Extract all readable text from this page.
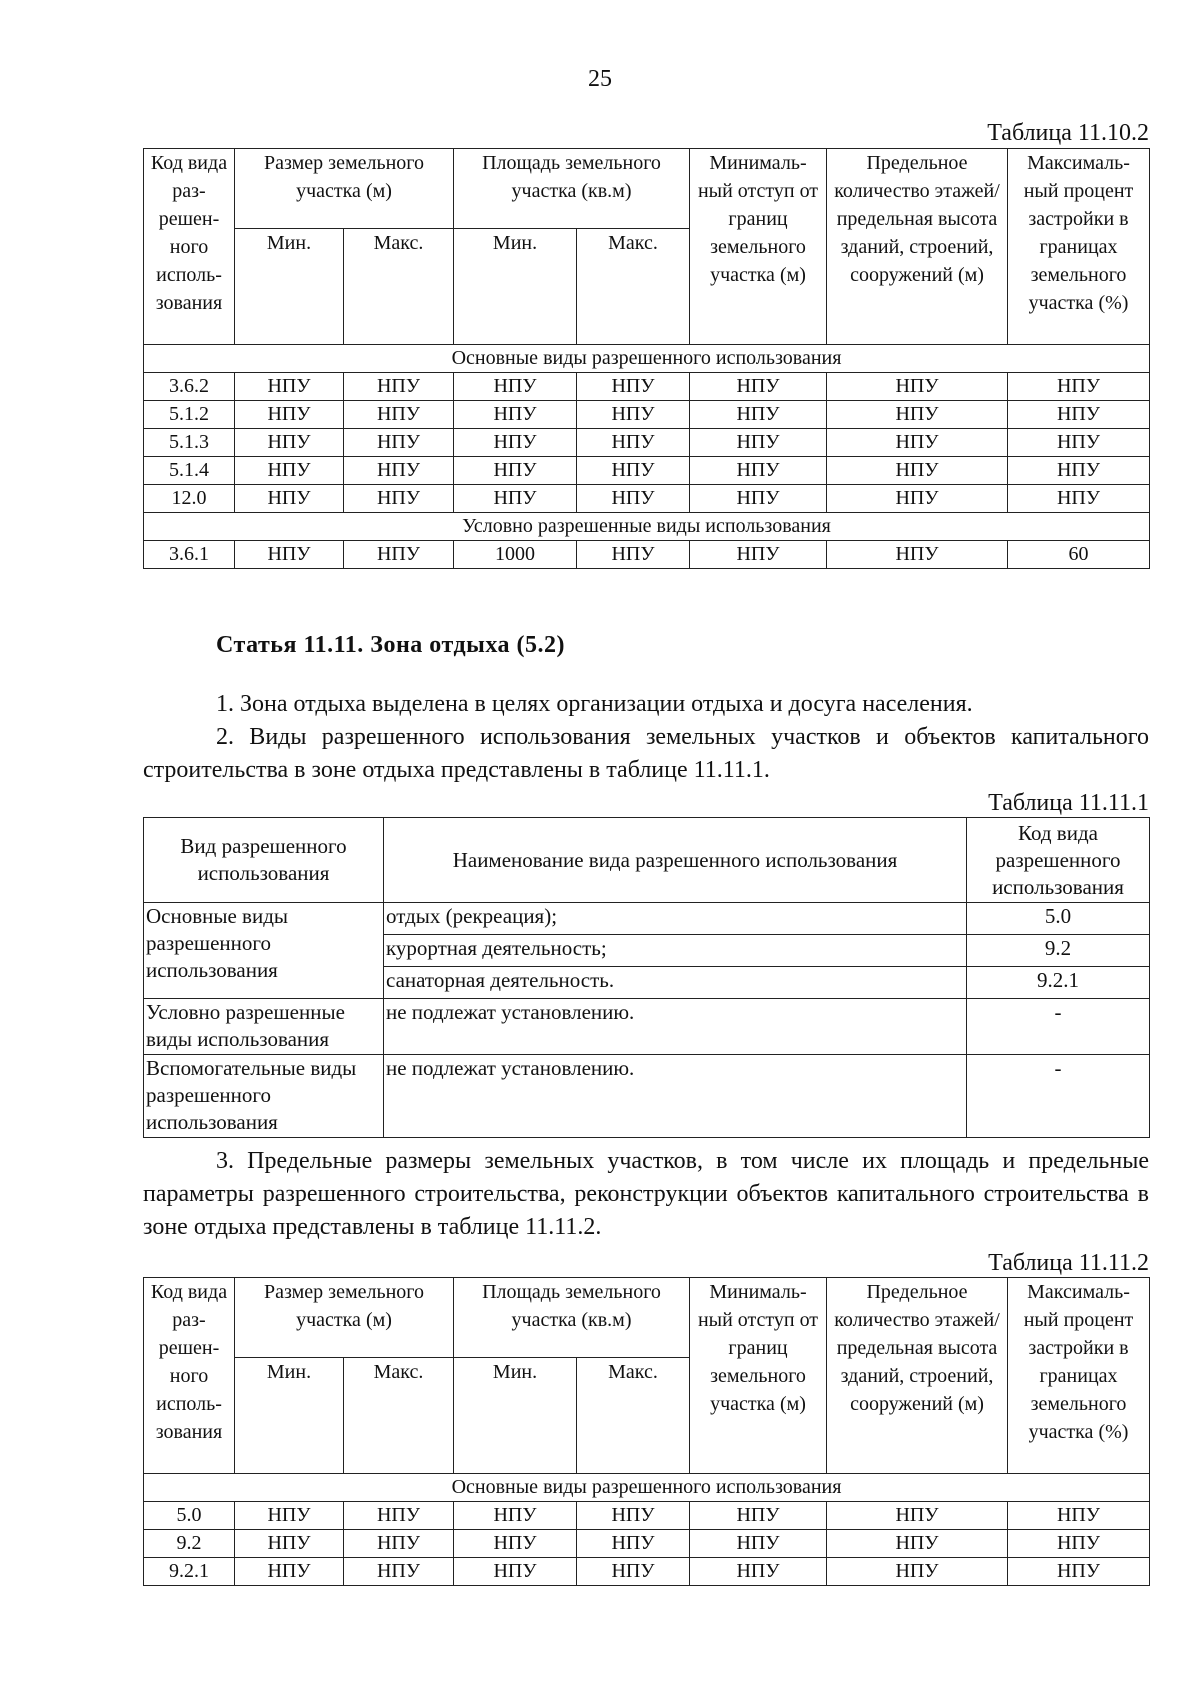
25
Таблица 11.10.2
Код вида раз- решен- ного исполь- зования	Размер земельного участка (м)		Площадь земельного участка (кв.м)		Минималь- ный отступ от границ земельного участка (м)	Предельное количество этажей/ предельная высота зданий, строений, сооружений (м)	Максималь- ный процент застройки в границах земельного участка (%)
	Мин.	Макс.	Мин.	Макс.			
Основные виды разрешенного использования							
3.6.2	НПУ	НПУ	НПУ	НПУ	НПУ	НПУ	НПУ
5.1.2	НПУ	НПУ	НПУ	НПУ	НПУ	НПУ	НПУ
5.1.3	НПУ	НПУ	НПУ	НПУ	НПУ	НПУ	НПУ
5.1.4	НПУ	НПУ	НПУ	НПУ	НПУ	НПУ	НПУ
12.0	НПУ	НПУ	НПУ	НПУ	НПУ	НПУ	НПУ
Условно разрешенные виды использования							
3.6.1	НПУ	НПУ	1000	НПУ	НПУ	НПУ	60
Статья 11.11. Зона отдыха (5.2)
1. Зона отдыха выделена в целях организации отдыха и досуга населения.
2. Виды разрешенного использования земельных участков и объектов капитального строительства в зоне отдыха представлены в таблице 11.11.1.
Таблица 11.11.1
Вид разрешенного использования	Наименование вида разрешенного использования	Код вида разрешенного использования
Основные виды разрешенного использования	отдых (рекреация);	5.0
	курортная деятельность;	9.2
	санаторная деятельность.	9.2.1
Условно разрешенные виды использования	не подлежат установлению.	-
Вспомогательные виды разрешенного использования	не подлежат установлению.	-
3. Предельные размеры земельных участков, в том числе их площадь и предельные параметры разрешенного строительства, реконструкции объектов капитального строительства в зоне отдыха представлены в таблице 11.11.2.
Таблица 11.11.2
Код вида раз- решен- ного исполь- зования	Размер земельного участка (м)		Площадь земельного участка (кв.м)		Минималь- ный отступ от границ земельного участка (м)	Предельное количество этажей/ предельная высота зданий, строений, сооружений (м)	Максималь- ный процент застройки в границах земельного участка (%)
	Мин.	Макс.	Мин.	Макс.			
Основные виды разрешенного использования							
5.0	НПУ	НПУ	НПУ	НПУ	НПУ	НПУ	НПУ
9.2	НПУ	НПУ	НПУ	НПУ	НПУ	НПУ	НПУ
9.2.1	НПУ	НПУ	НПУ	НПУ	НПУ	НПУ	НПУ
